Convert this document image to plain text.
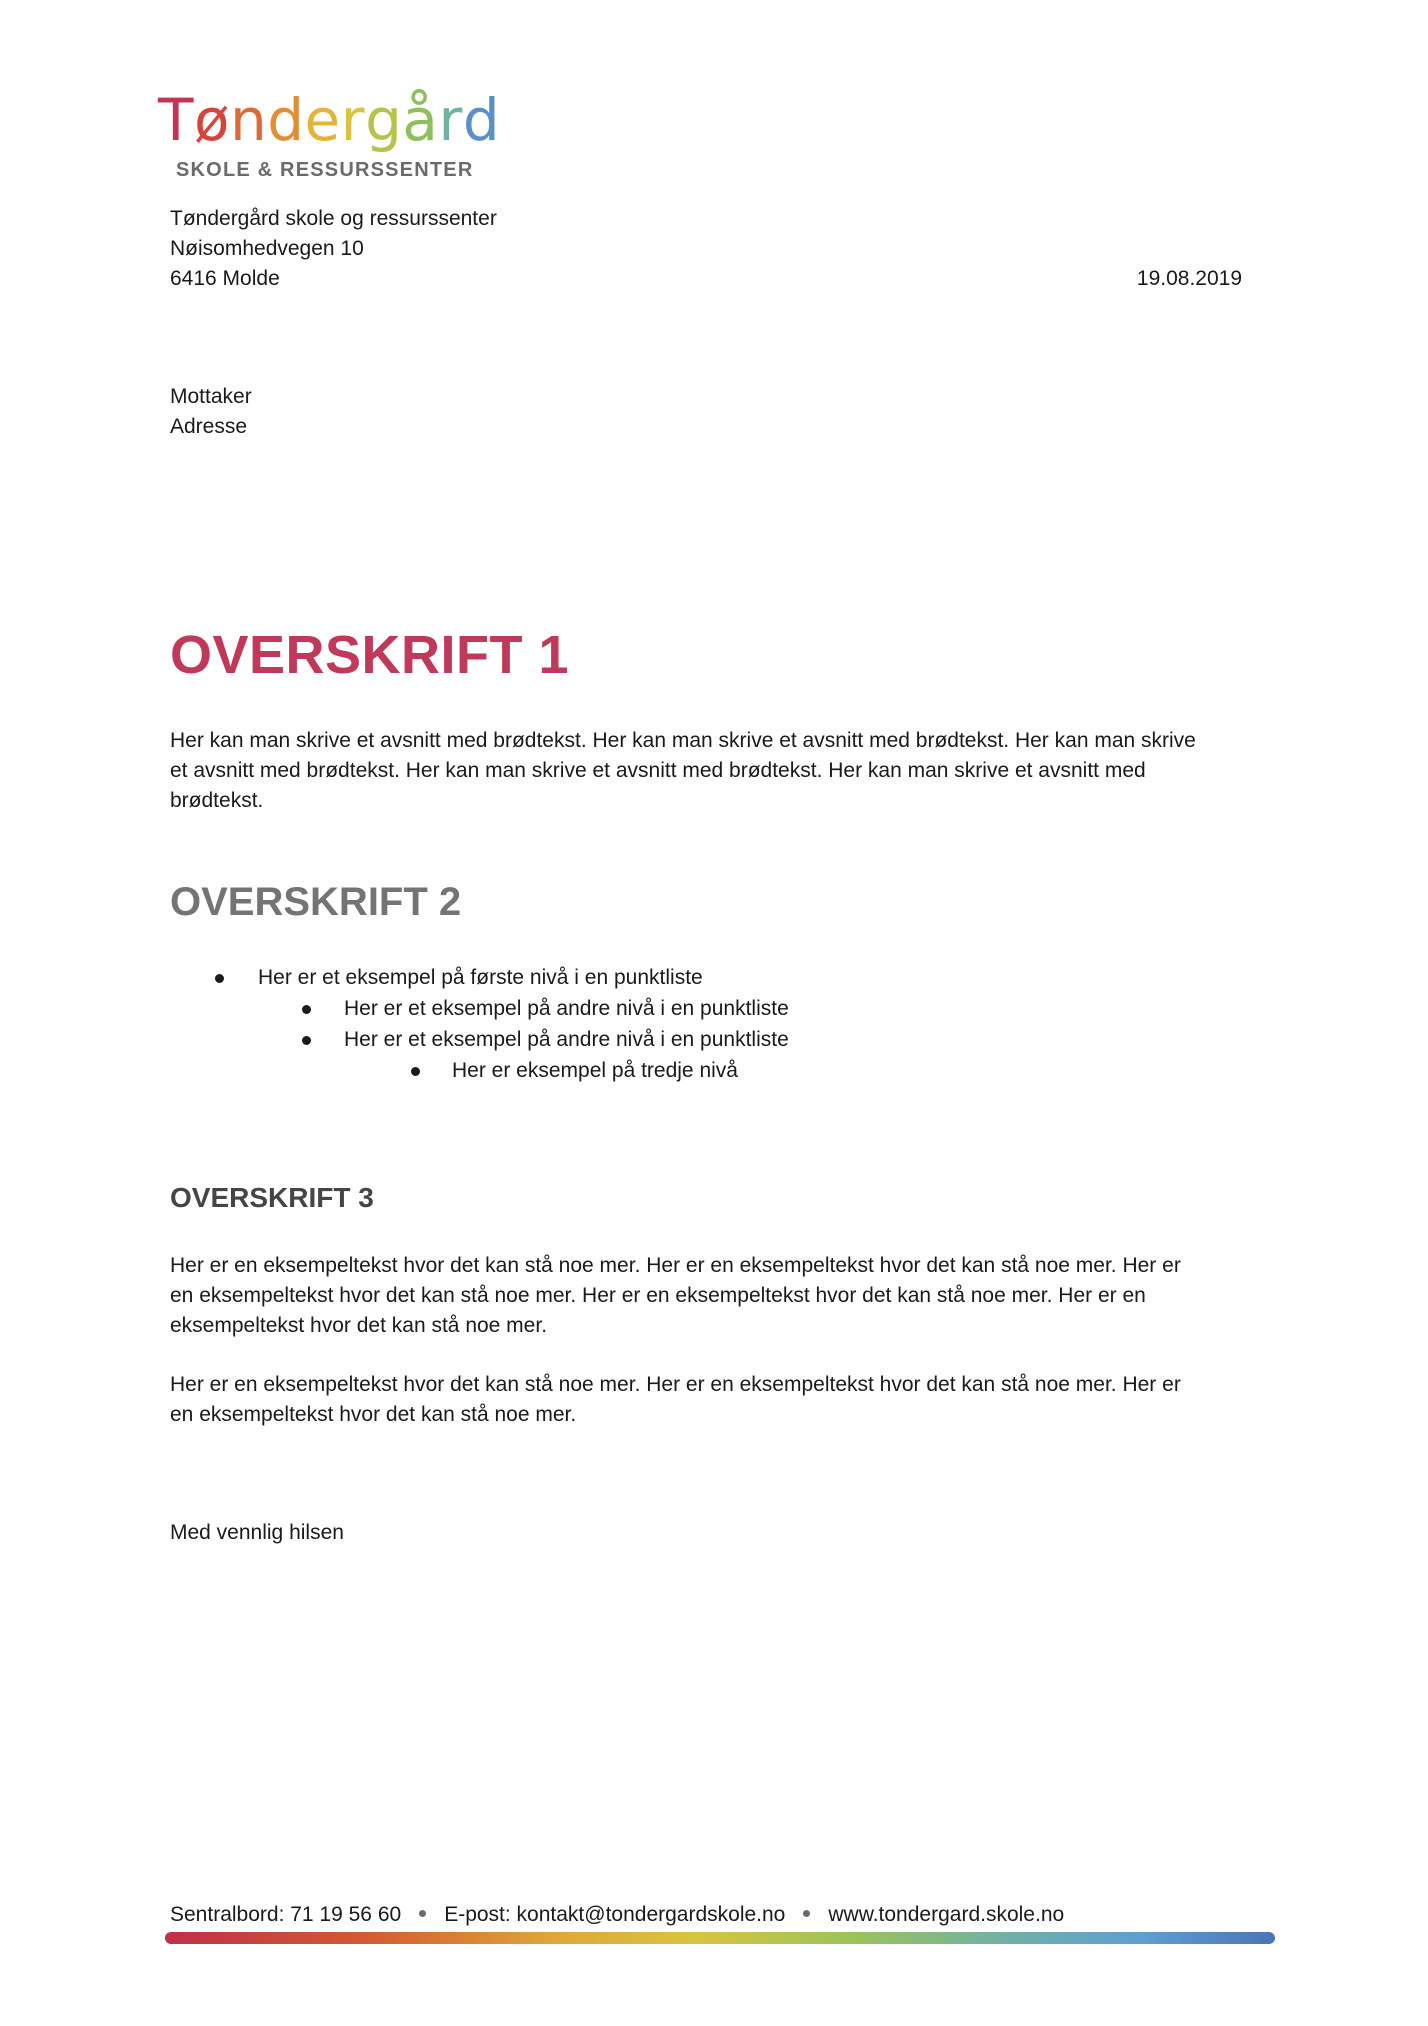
Tøndergård
SKOLE & RESSURSSENTER
Tøndergård skole og ressurssenter
Nøisomhedvegen 10
6416 Molde	19.08.2019
Mottaker
Adresse
OVERSKRIFT 1
Her kan man skrive et avsnitt med brødtekst. Her kan man skrive et avsnitt med brødtekst. Her kan man skrive
et avsnitt med brødtekst. Her kan man skrive et avsnitt med brødtekst. Her kan man skrive et avsnitt med
brødtekst.
OVERSKRIFT 2
Her er et eksempel på første nivå i en punktliste
Her er et eksempel på andre nivå i en punktliste
Her er et eksempel på andre nivå i en punktliste
Her er eksempel på tredje nivå
OVERSKRIFT 3
Her er en eksempeltekst hvor det kan stå noe mer. Her er en eksempeltekst hvor det kan stå noe mer. Her er
en eksempeltekst hvor det kan stå noe mer. Her er en eksempeltekst hvor det kan stå noe mer. Her er en
eksempeltekst hvor det kan stå noe mer.
Her er en eksempeltekst hvor det kan stå noe mer. Her er en eksempeltekst hvor det kan stå noe mer. Her er
en eksempeltekst hvor det kan stå noe mer.
Med vennlig hilsen
Sentralbord: 71 19 56 60 E-post: kontakt@tondergardskole.no www.tondergard.skole.no
